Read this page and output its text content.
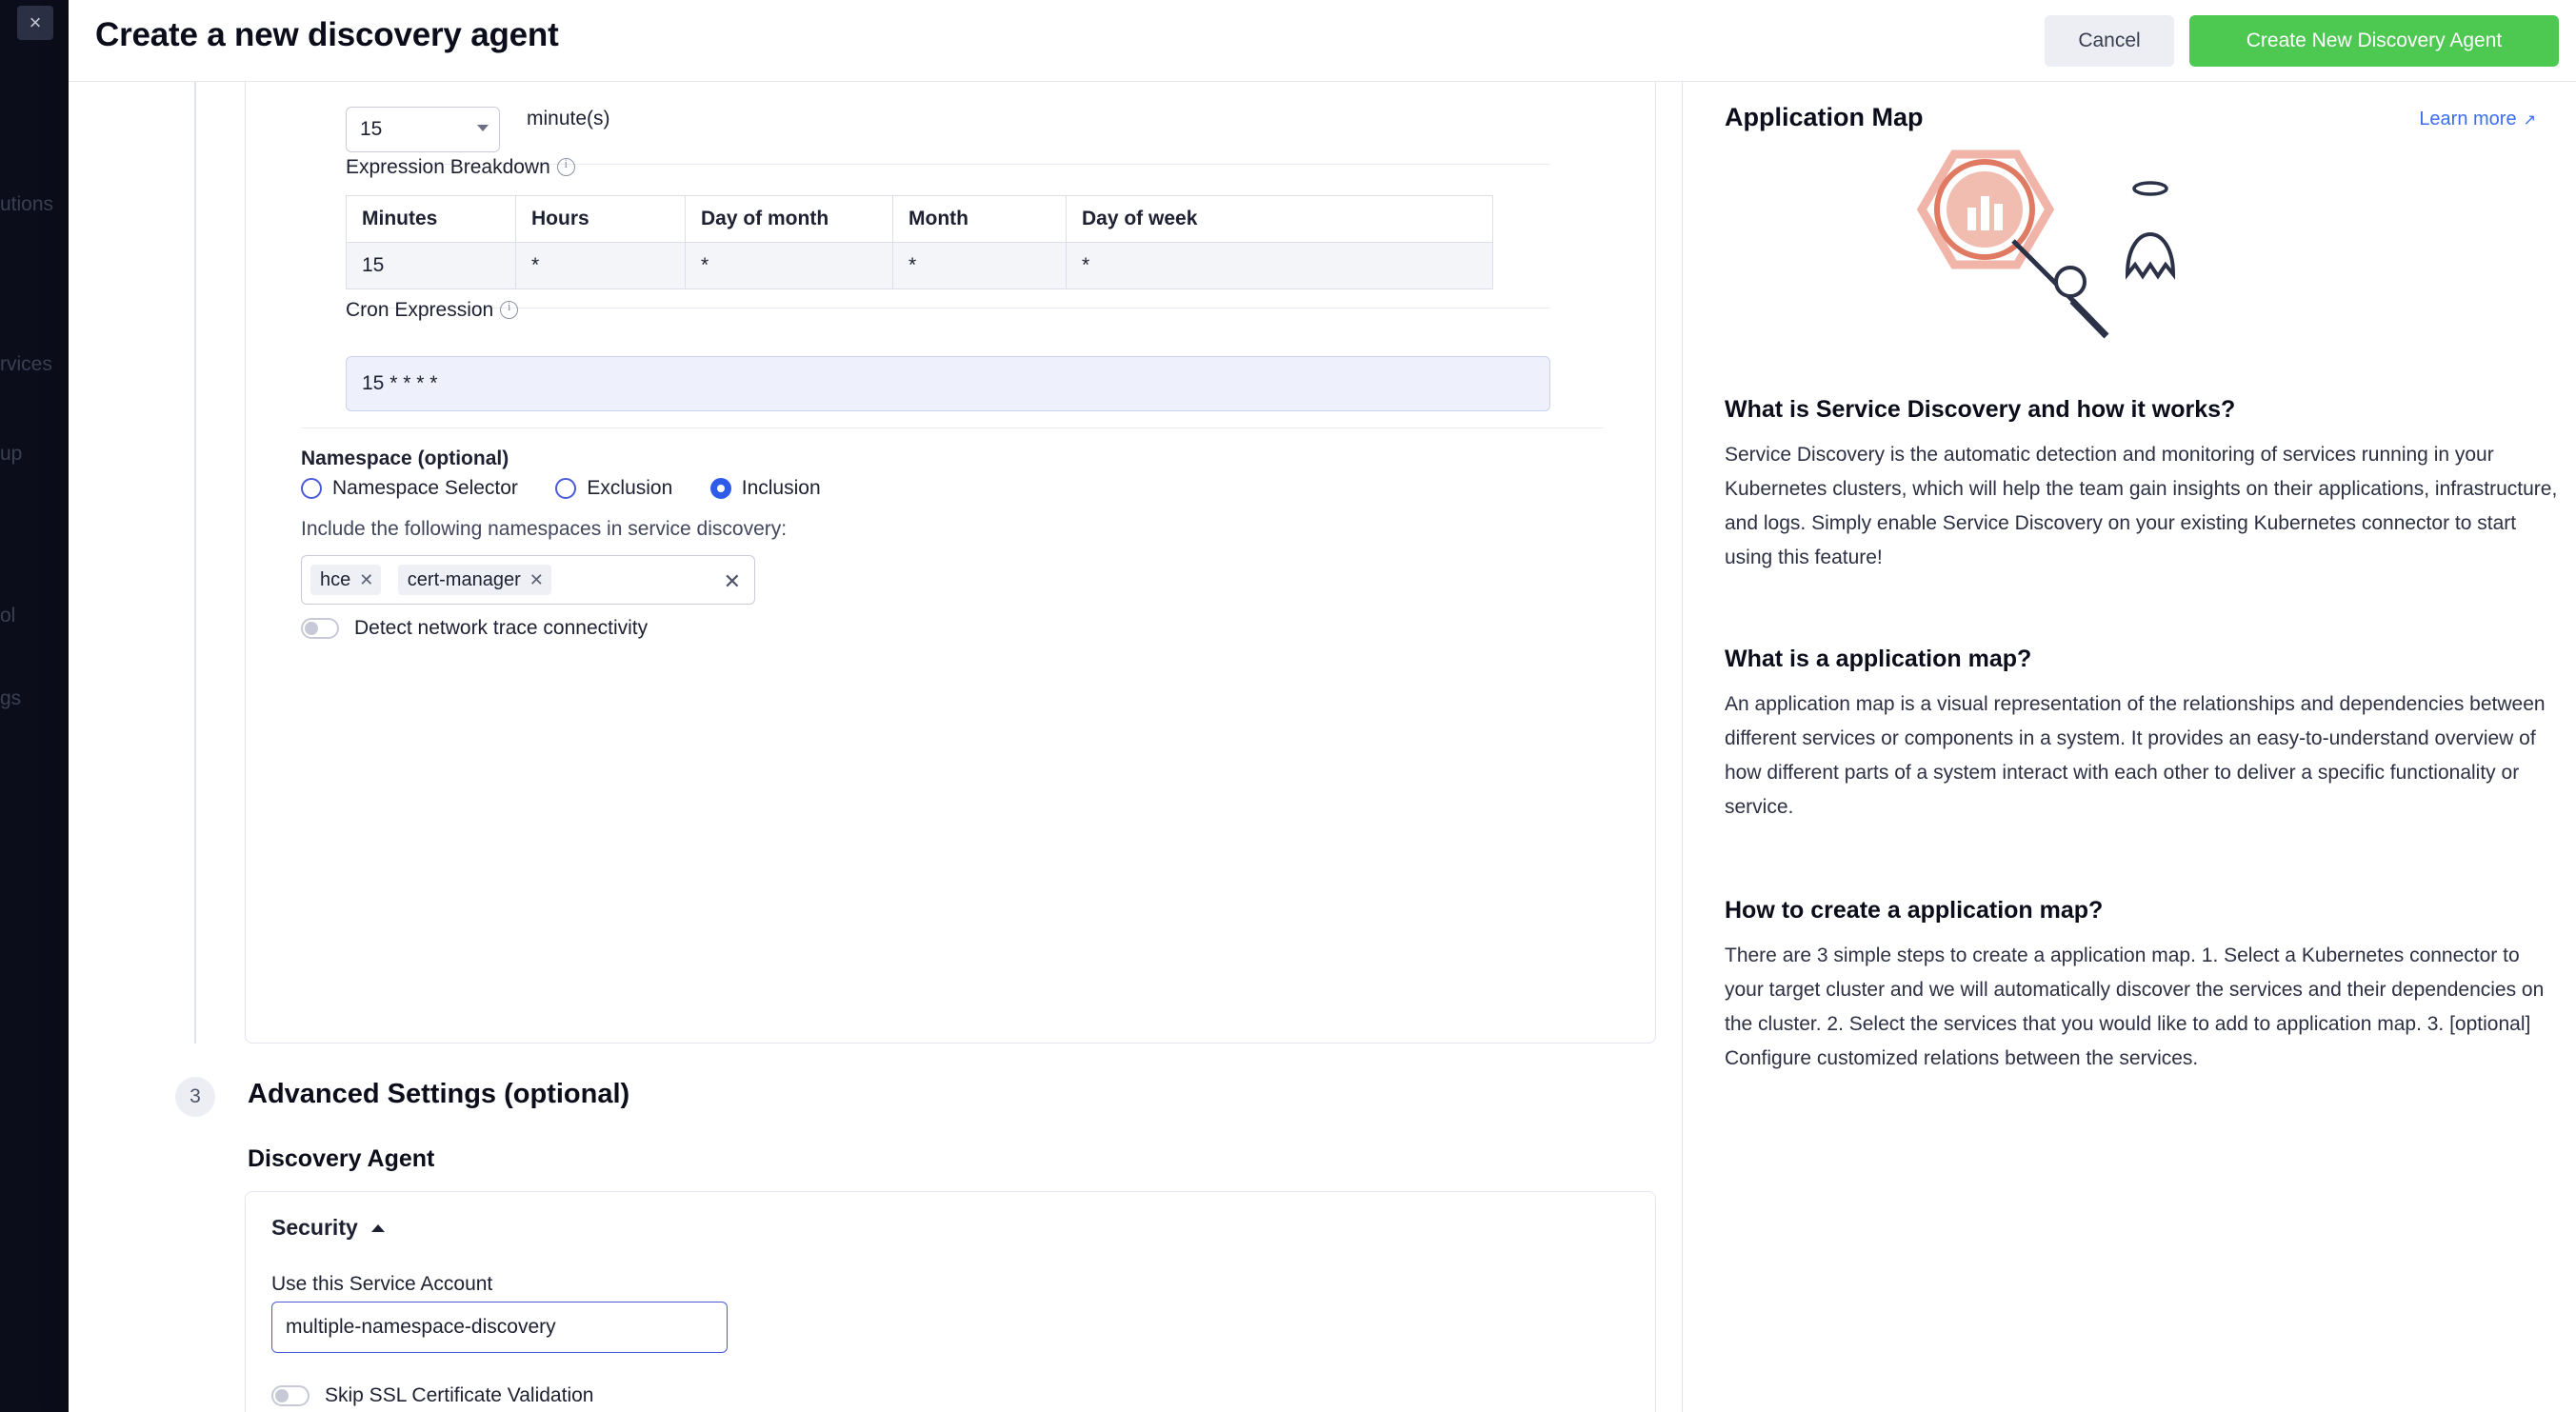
×
utions
rvices
up
ol
gs
Create a new discovery agent	Cancel	Create New Discovery Agent
15	minute(s)
Expression Breakdowni
Minutes	Hours	Day of month	Month	Day of week
15	*	*	*	*
Cron Expressioni
15 * * * *
Namespace (optional)
Namespace Selector
	Exclusion
	Inclusion
Include the following namespaces in service discovery:
hce ✕
cert-manager ✕	✕
Detect network trace connectivity
3	Advanced Settings (optional)
Discovery Agent
Security
Use this Service Account
multiple-namespace-discovery
Skip SSL Certificate Validation
Application Map	Learn more ↗
What is Service Discovery and how it works?
Service Discovery is the automatic detection and monitoring of services running in your Kubernetes clusters, which will help the team gain insights on their applications, infrastructure, and logs. Simply enable Service Discovery on your existing Kubernetes connector to start using this feature!
What is a application map?
An application map is a visual representation of the relationships and dependencies between different services or components in a system. It provides an easy-to-understand overview of how different parts of a system interact with each other to deliver a specific functionality or service.
How to create a application map?
There are 3 simple steps to create a application map. 1. Select a Kubernetes connector to your target cluster and we will automatically discover the services and their dependencies on the cluster. 2. Select the services that you would like to add to application map. 3. [optional] Configure customized relations between the services.
